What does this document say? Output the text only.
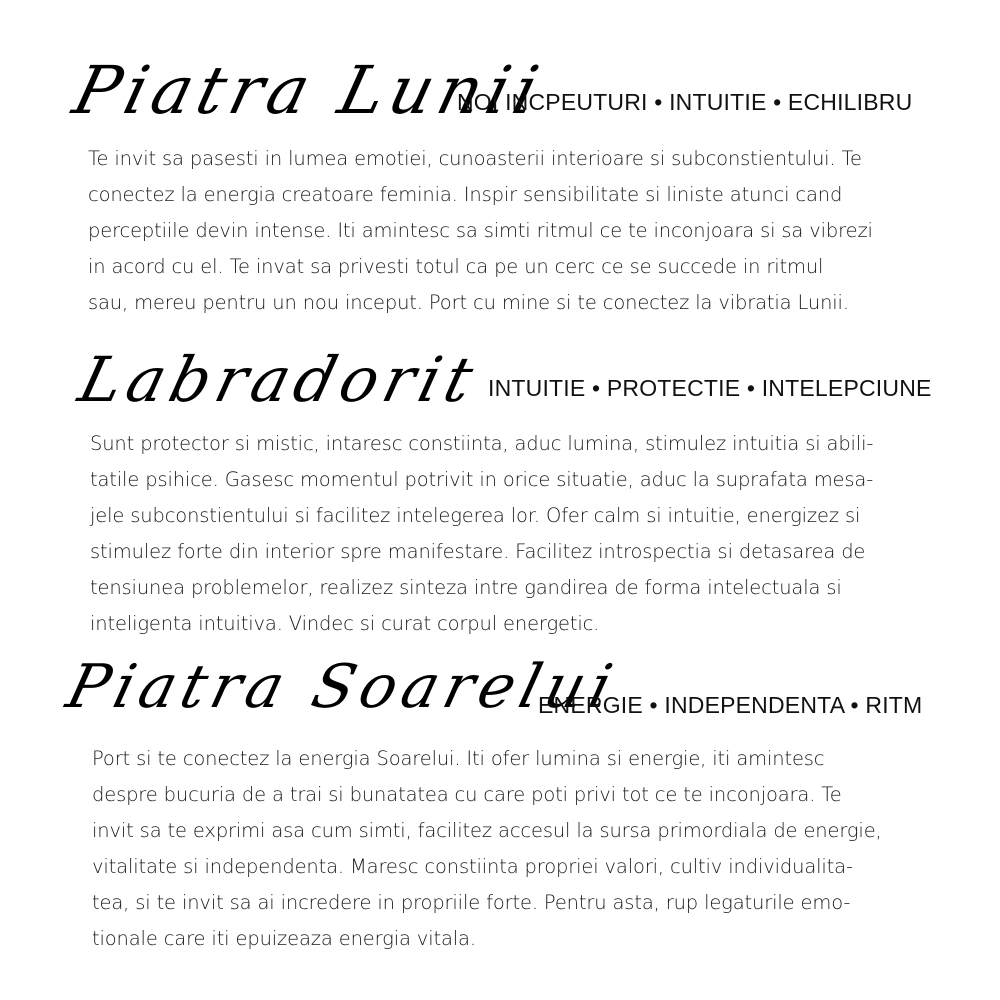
Piatra Lunii
NOI INCPEUTURI • INTUITIE • ECHILIBRU
Te invit sa pasesti in lumea emotiei, cunoasterii interioare si subconstientului. Te
conectez la energia creatoare feminia. Inspir sensibilitate si liniste atunci cand
perceptiile devin intense. Iti amintesc sa simti ritmul ce te inconjoara si sa vibrezi
in acord cu el. Te invat sa privesti totul ca pe un cerc ce se succede in ritmul
sau, mereu pentru un nou inceput. Port cu mine si te conectez la vibratia Lunii.
Labradorit INTUITIE • PROTECTIE • INTELEPCIUNE
Sunt protector si mistic, intaresc constiinta, aduc lumina, stimulez intuitia si abili-
tatile psihice. Gasesc momentul potrivit in orice situatie, aduc la suprafata mesa-
jele subconstientului si facilitez intelegerea lor. Ofer calm si intuitie, energizez si
stimulez forte din interior spre manifestare. Facilitez introspectia si detasarea de
tensiunea problemelor, realizez sinteza intre gandirea de forma intelectuala si
inteligenta intuitiva. Vindec si curat corpul energetic.
Piatra Soarelui
ENERGIE • INDEPENDENTA • RITM
Port si te conectez la energia Soarelui. Iti ofer lumina si energie, iti amintesc
despre bucuria de a trai si bunatatea cu care poti privi tot ce te inconjoara. Te
invit sa te exprimi asa cum simti, facilitez accesul la sursa primordiala de energie,
vitalitate si independenta. Maresc constiinta propriei valori, cultiv individualita-
tea, si te invit sa ai incredere in propriile forte. Pentru asta, rup legaturile emo-
tionale care iti epuizeaza energia vitala.
